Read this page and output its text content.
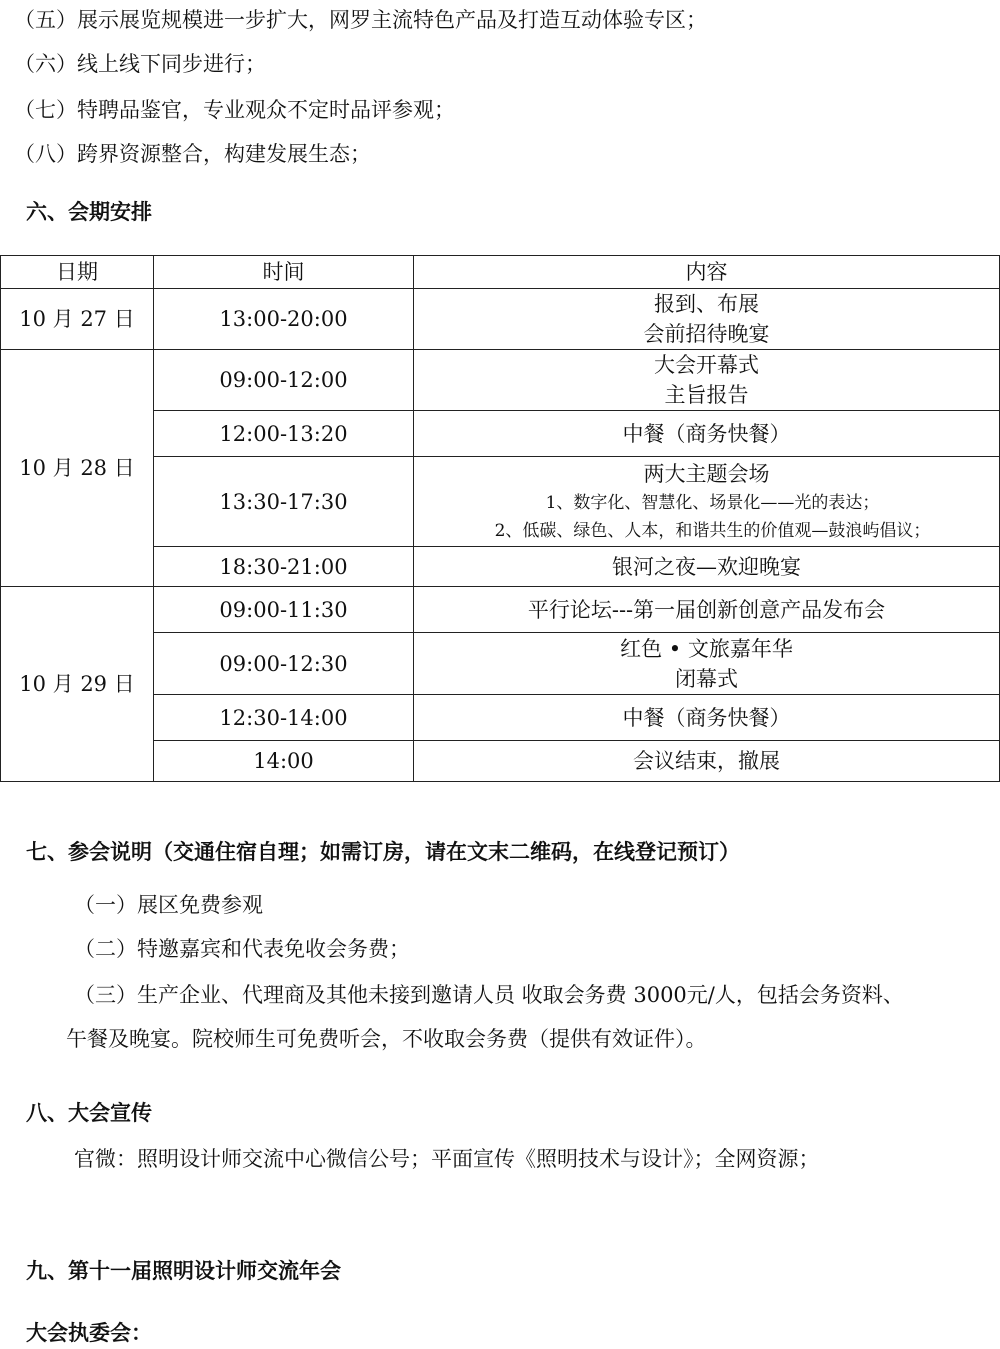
（五）展示展览规模进一步扩大，网罗主流特色产品及打造互动体验专区；
（六）线上线下同步进行；
（七）特聘品鉴官，专业观众不定时品评参观；
（八）跨界资源整合，构建发展生态；
六、会期安排
日期	时间	内容
10 月 27 日	13:00-20:00	报到、布展
会前招待晚宴

10 月 28 日	09:00-12:00	大会开幕式
主旨报告

	12:00-13:20	中餐（商务快餐）

	13:30-17:30	两大主题会场
1、数字化、智慧化、场景化——光的表达；
2、低碳、绿色、人本，和谐共生的价值观—鼓浪屿倡议；

	18:30-21:00	银河之夜—欢迎晚宴

10 月 29 日	09:00-11:30	平行论坛---第一届创新创意产品发布会

	09:00-12:30	红色 • 文旅嘉年华
闭幕式

	12:30-14:00	中餐（商务快餐）

	14:00	会议结束，撤展
七、参会说明（交通住宿自理；如需订房，请在文末二维码，在线登记预订）
（一）展区免费参观
（二）特邀嘉宾和代表免收会务费；
（三）生产企业、代理商及其他未接到邀请人员 收取会务费 3000元/人，包括会务资料、
午餐及晚宴。院校师生可免费听会，不收取会务费（提供有效证件）。
八、大会宣传
官微：照明设计师交流中心微信公号；平面宣传《照明技术与设计》；全网资源；
九、第十一届照明设计师交流年会
大会执委会：
